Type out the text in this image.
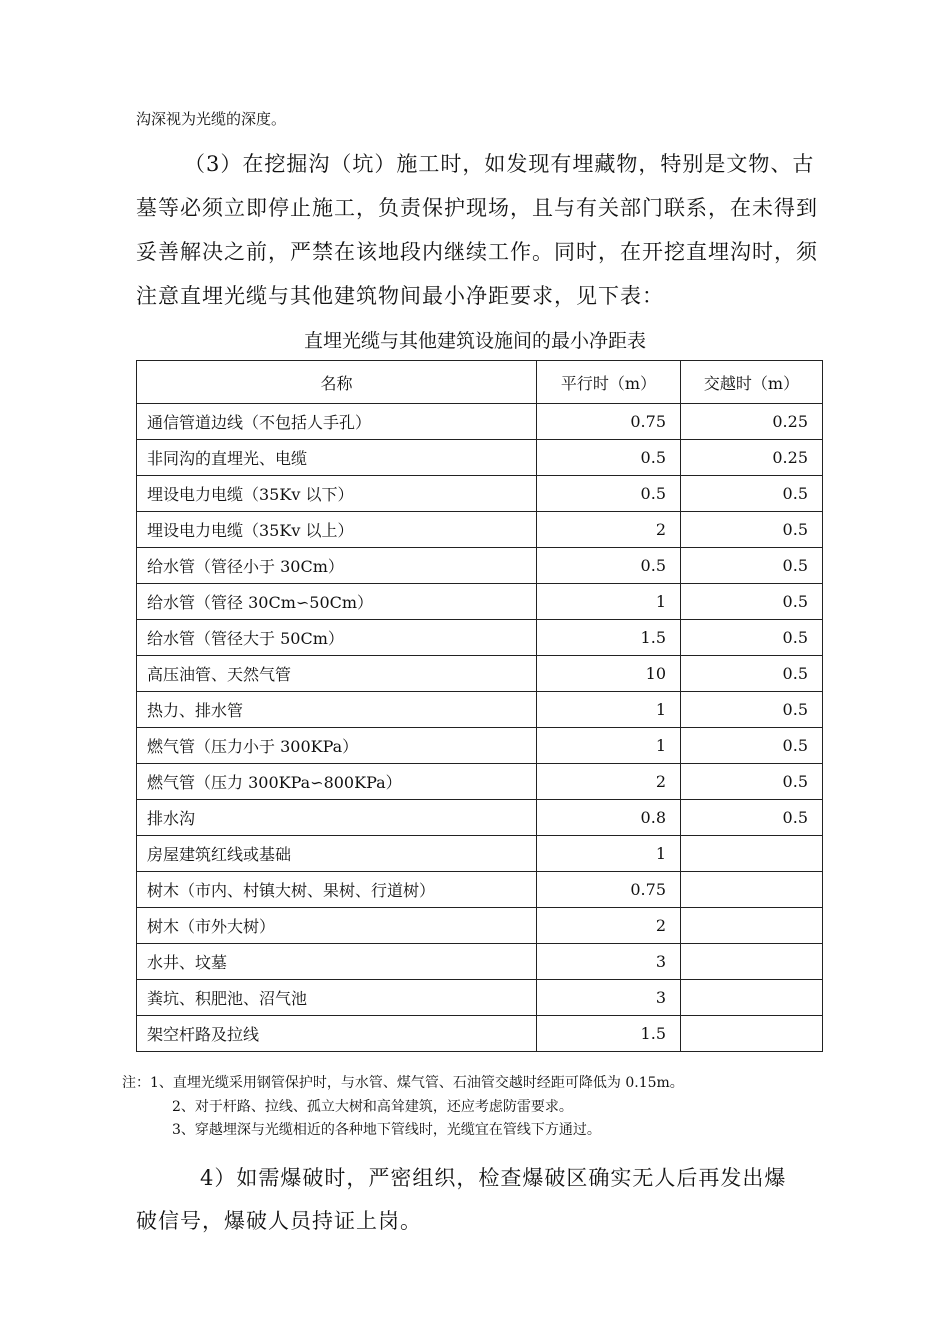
沟深视为光缆的深度。
（3）在挖掘沟（坑）施工时，如发现有埋藏物，特别是文物、古
墓等必须立即停止施工，负责保护现场，且与有关部门联系，在未得到
妥善解决之前，严禁在该地段内继续工作。同时，在开挖直埋沟时，须
注意直埋光缆与其他建筑物间最小净距要求，见下表：
直埋光缆与其他建筑设施间的最小净距表
名称	平行时（m）	交越时（m）
通信管道边线（不包括人手孔）	0.75	0.25
非同沟的直埋光、电缆	0.5	0.25
埋设电力电缆（35Kv 以下）	0.5	0.5
埋设电力电缆（35Kv 以上）	2	0.5
给水管（管径小于 30Cm）	0.5	0.5
给水管（管径 30Cm∽50Cm）	1	0.5
给水管（管径大于 50Cm）	1.5	0.5
高压油管、天然气管	10	0.5
热力、排水管	1	0.5
燃气管（压力小于 300KPa）	1	0.5
燃气管（压力 300KPa∽800KPa）	2	0.5
排水沟	0.8	0.5
房屋建筑红线或基础	1	
树木（市内、村镇大树、果树、行道树）	0.75	
树木（市外大树）	2	
水井、坟墓	3	
粪坑、积肥池、沼气池	3	
架空杆路及拉线	1.5	
注：1、直埋光缆采用钢管保护时，与水管、煤气管、石油管交越时经距可降低为 0.15m。
2、对于杆路、拉线、孤立大树和高耸建筑，还应考虑防雷要求。
3、穿越埋深与光缆相近的各种地下管线时，光缆宜在管线下方通过。
4）如需爆破时，严密组织，检查爆破区确实无人后再发出爆
破信号，爆破人员持证上岗。
